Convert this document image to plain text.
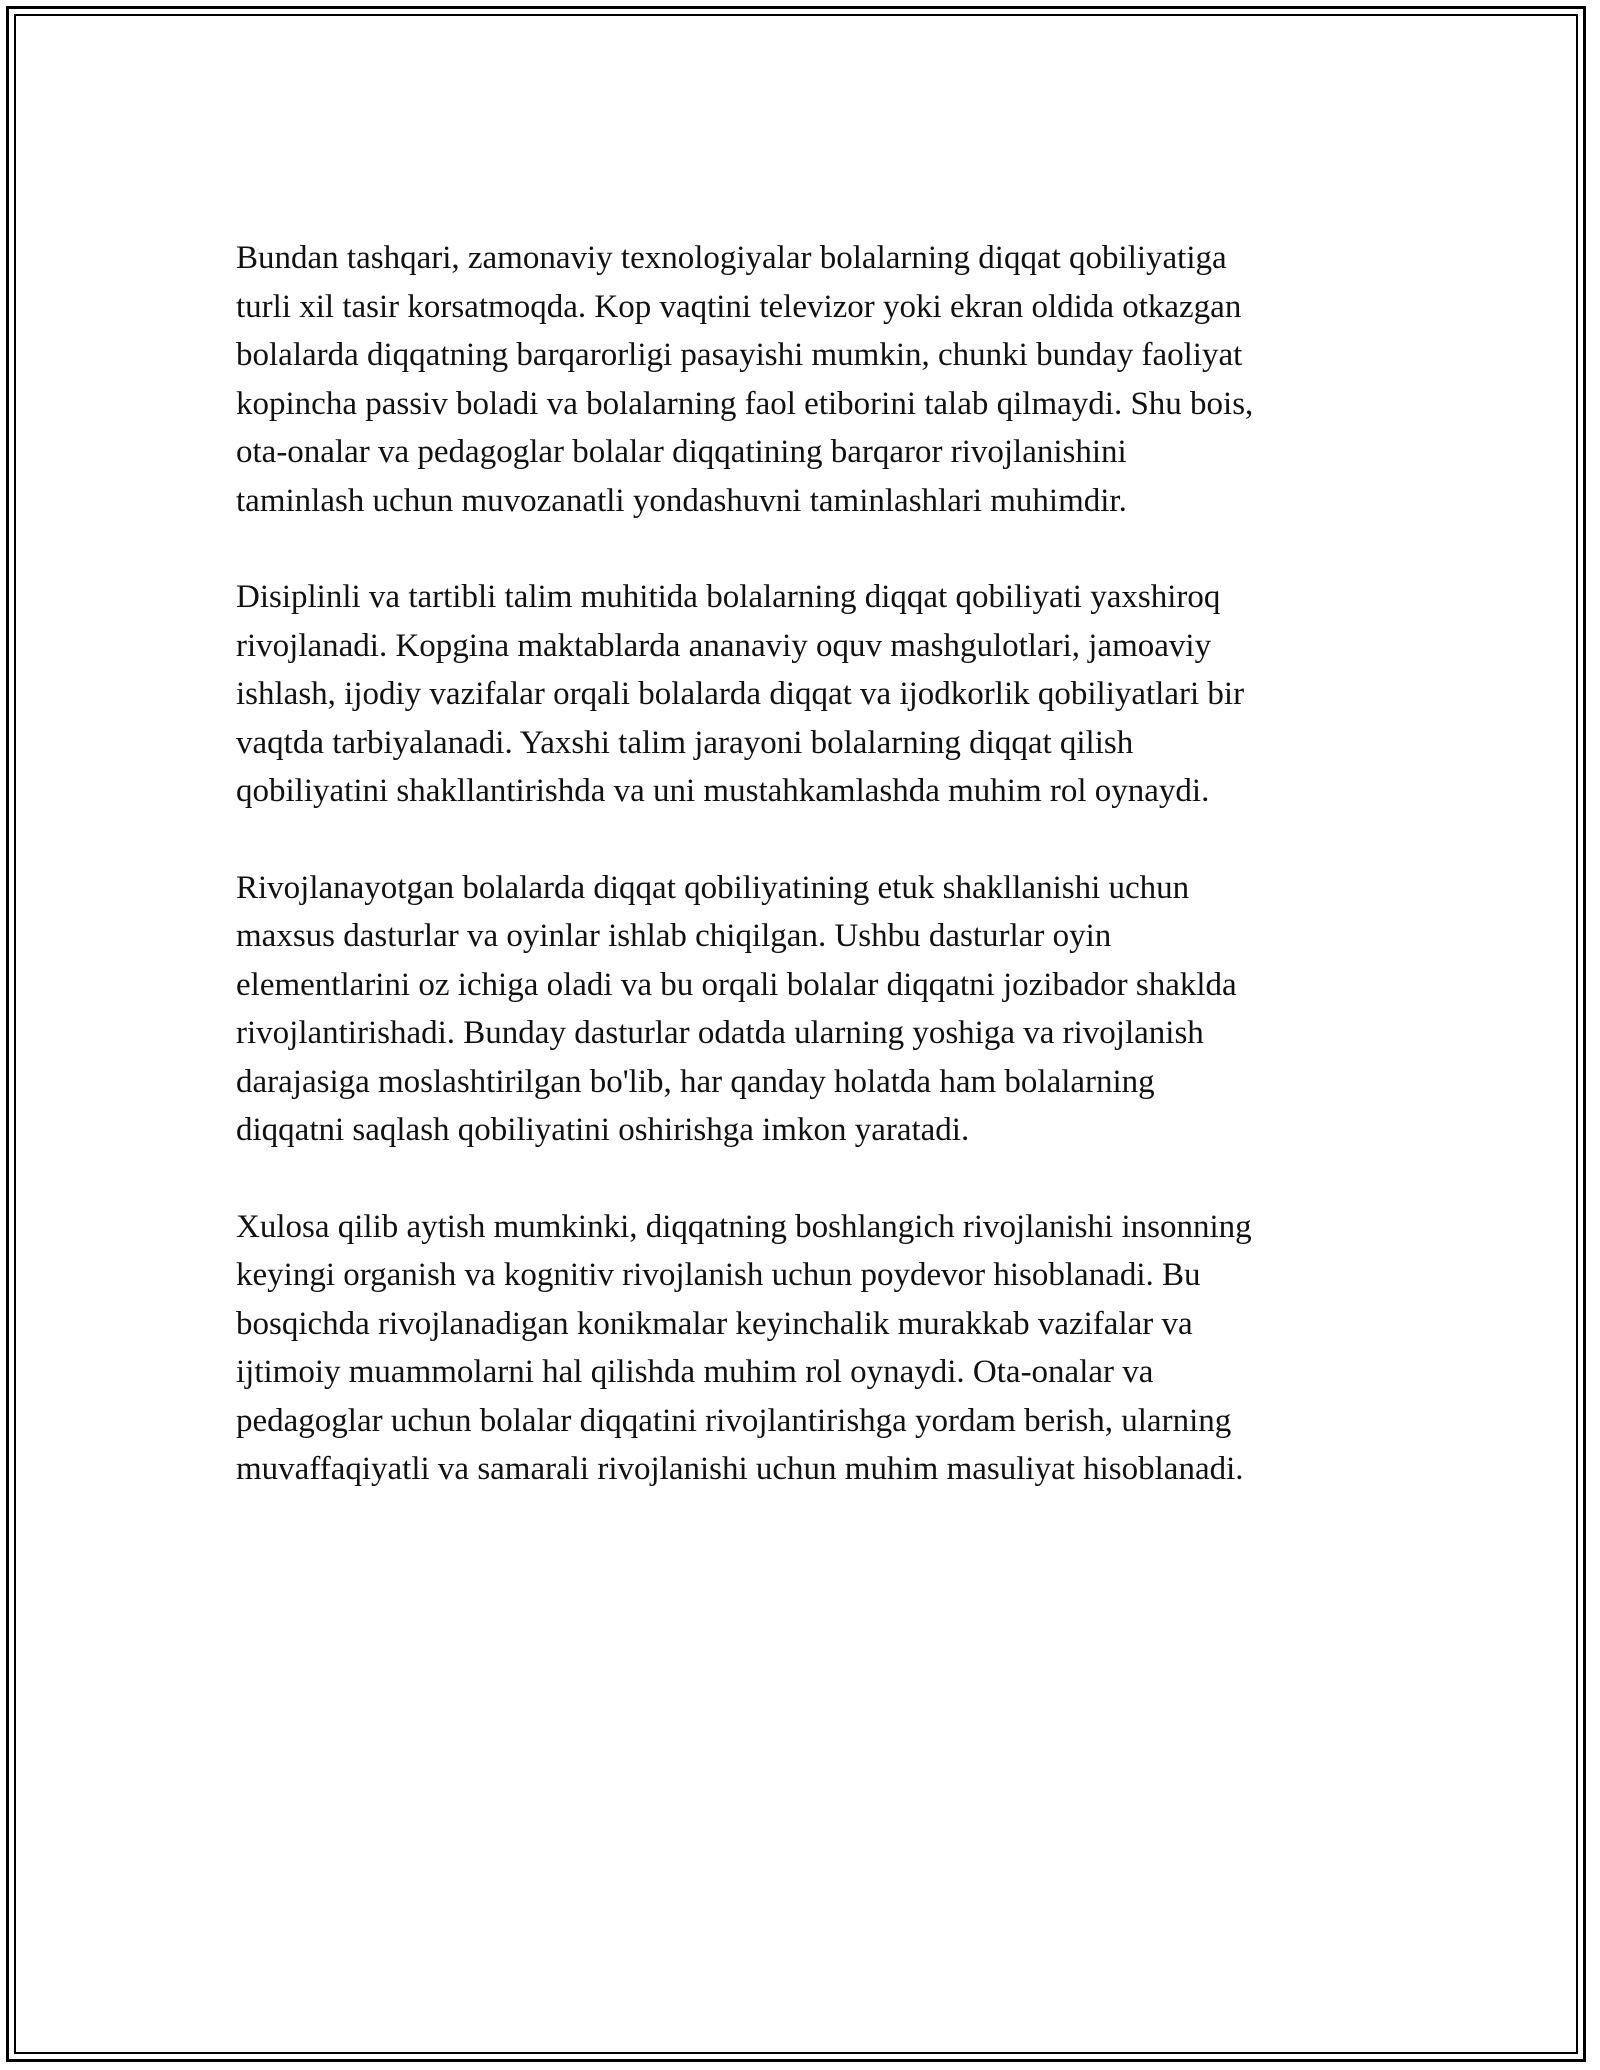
Bundan tashqari, zamonaviy texnologiyalar bolalarning diqqat qobiliyatiga
turli xil tasir korsatmoqda. Kop vaqtini televizor yoki ekran oldida otkazgan
bolalarda diqqatning barqarorligi pasayishi mumkin, chunki bunday faoliyat
kopincha passiv boladi va bolalarning faol etiborini talab qilmaydi. Shu bois,
ota-onalar va pedagoglar bolalar diqqatining barqaror rivojlanishini
taminlash uchun muvozanatli yondashuvni taminlashlari muhimdir.

Disiplinli va tartibli talim muhitida bolalarning diqqat qobiliyati yaxshiroq
rivojlanadi. Kopgina maktablarda ananaviy oquv mashgulotlari, jamoaviy
ishlash, ijodiy vazifalar orqali bolalarda diqqat va ijodkorlik qobiliyatlari bir
vaqtda tarbiyalanadi. Yaxshi talim jarayoni bolalarning diqqat qilish
qobiliyatini shakllantirishda va uni mustahkamlashda muhim rol oynaydi.

Rivojlanayotgan bolalarda diqqat qobiliyatining etuk shakllanishi uchun
maxsus dasturlar va oyinlar ishlab chiqilgan. Ushbu dasturlar oyin
elementlarini oz ichiga oladi va bu orqali bolalar diqqatni jozibador shaklda
rivojlantirishadi. Bunday dasturlar odatda ularning yoshiga va rivojlanish
darajasiga moslashtirilgan bo'lib, har qanday holatda ham bolalarning
diqqatni saqlash qobiliyatini oshirishga imkon yaratadi.

Xulosa qilib aytish mumkinki, diqqatning boshlangich rivojlanishi insonning
keyingi organish va kognitiv rivojlanish uchun poydevor hisoblanadi. Bu
bosqichda rivojlanadigan konikmalar keyinchalik murakkab vazifalar va
ijtimoiy muammolarni hal qilishda muhim rol oynaydi. Ota-onalar va
pedagoglar uchun bolalar diqqatini rivojlantirishga yordam berish, ularning
muvaffaqiyatli va samarali rivojlanishi uchun muhim masuliyat hisoblanadi.
